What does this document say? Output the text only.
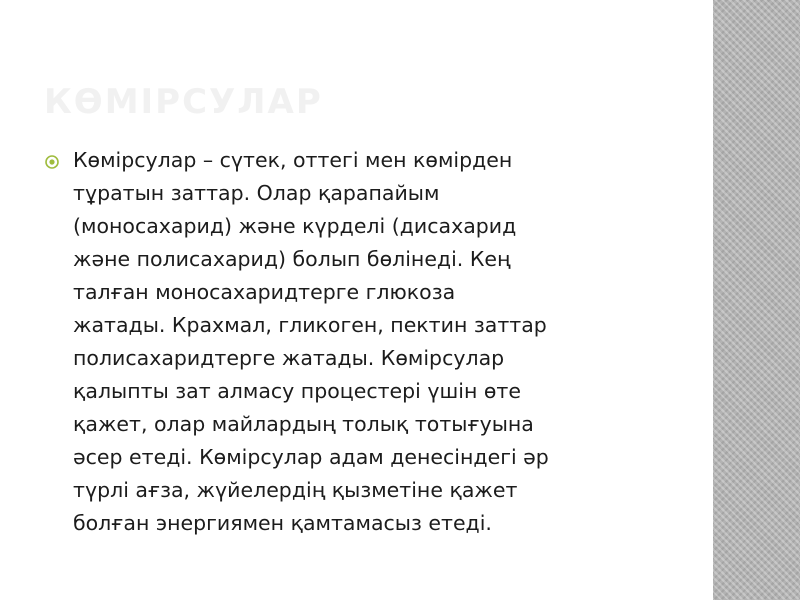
КӨМІРСУЛАР

Көмірсулар – сүтек, оттегі мен көмірден
тұратын заттар. Олар қарапайым
(моносахарид) және күрделі (дисахарид
және полисахарид) болып бөлінеді. Кең
талған моносахаридтерге глюкоза
жатады. Крахмал, гликоген, пектин заттар
полисахаридтерге жатады. Көмірсулар
қалыпты зат алмасу процестері үшін өте
қажет, олар майлардың толық тотығуына
әсер етеді. Көмірсулар адам денесіндегі әр
түрлі ағза, жүйелердің қызметіне қажет
болған энергиямен қамтамасыз етеді.
